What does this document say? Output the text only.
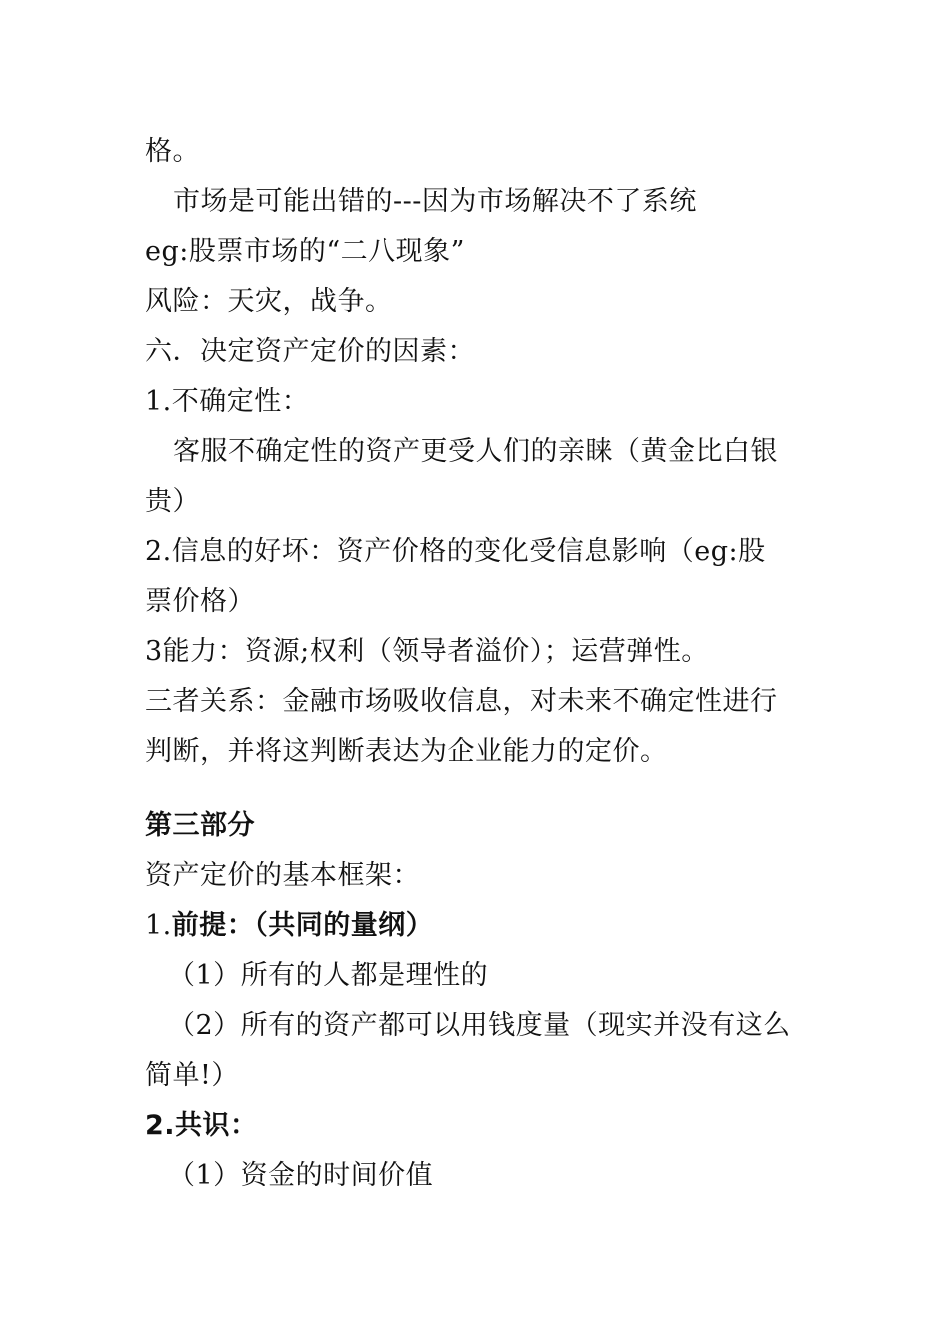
格。
市场是可能出错的---因为市场解决不了系统
eg:股票市场的“二八现象”
风险：天灾，战争。
六．决定资产定价的因素：
1.不确定性：
客服不确定性的资产更受人们的亲睐（黄金比白银
贵）
2.信息的好坏：资产价格的变化受信息影响（eg:股
票价格）
3能力：资源;权利（领导者溢价）；运营弹性。
三者关系：金融市场吸收信息，对未来不确定性进行
判断，并将这判断表达为企业能力的定价。
第三部分
资产定价的基本框架：
1.前提：（共同的量纲）
（1）所有的人都是理性的
（2）所有的资产都可以用钱度量（现实并没有这么
简单!）
2.共识：
（1）资金的时间价值
